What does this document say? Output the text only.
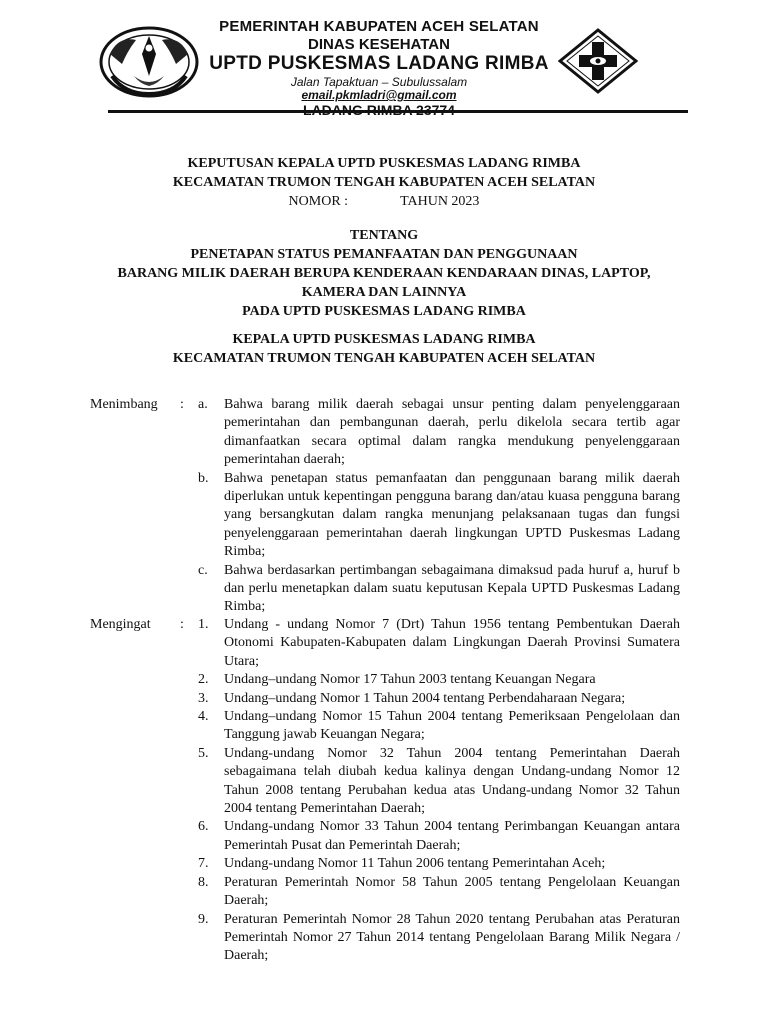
PEMERINTAH KABUPATEN ACEH SELATAN
DINAS KESEHATAN
UPTD PUSKESMAS LADANG RIMBA
Jalan Tapaktuan – Subulussalam
email.pkmladri@gmail.com
KEPUTUSAN KEPALA UPTD PUSKESMAS LADANG RIMBA
KECAMATAN TRUMON TENGAH KABUPATEN ACEH SELATAN
NOMOR :	TAHUN 2023
TENTANG
PENETAPAN STATUS PEMANFAATAN DAN PENGGUNAAN
BARANG MILIK DAERAH BERUPA KENDERAAN KENDARAAN DINAS, LAPTOP,
KAMERA DAN LAINNYA
PADA UPTD PUSKESMAS LADANG RIMBA
KEPALA UPTD PUSKESMAS LADANG RIMBA
KECAMATAN TRUMON TENGAH KABUPATEN ACEH SELATAN
Menimbang : a. Bahwa barang milik daerah sebagai unsur penting dalam penyelenggaraan pemerintahan dan pembangunan daerah, perlu dikelola secara tertib agar dimanfaatkan secara optimal dalam rangka mendukung penyelenggaraan pemerintahan daerah;
b. Bahwa penetapan status pemanfaatan dan penggunaan barang milik daerah diperlukan untuk kepentingan pengguna barang dan/atau kuasa pengguna barang yang bersangkutan dalam rangka menunjang pelaksanaan tugas dan fungsi penyelenggaraan pemerintahan daerah lingkungan UPTD Puskesmas Ladang Rimba;
c. Bahwa berdasarkan pertimbangan sebagaimana dimaksud pada huruf a, huruf b dan perlu menetapkan dalam suatu keputusan Kepala UPTD Puskesmas Ladang Rimba;
Mengingat : 1. Undang - undang Nomor 7 (Drt) Tahun 1956 tentang Pembentukan Daerah Otonomi Kabupaten-Kabupaten dalam Lingkungan Daerah Provinsi Sumatera Utara;
2. Undang–undang Nomor 17 Tahun 2003 tentang Keuangan Negara
3. Undang–undang Nomor 1 Tahun 2004 tentang Perbendaharaan Negara;
4. Undang–undang Nomor 15 Tahun 2004 tentang Pemeriksaan Pengelolaan dan Tanggung jawab Keuangan Negara;
5. Undang-undang Nomor 32 Tahun 2004 tentang Pemerintahan Daerah sebagaimana telah diubah kedua kalinya dengan Undang-undang Nomor 12 Tahun 2008 tentang Perubahan kedua atas Undang-undang Nomor 32 Tahun 2004 tentang Pemerintahan Daerah;
6. Undang-undang Nomor 33 Tahun 2004 tentang Perimbangan Keuangan antara Pemerintah Pusat dan Pemerintah Daerah;
7. Undang-undang Nomor 11 Tahun 2006 tentang Pemerintahan Aceh;
8. Peraturan Pemerintah Nomor 58 Tahun 2005 tentang Pengelolaan Keuangan Daerah;
9. Peraturan Pemerintah Nomor 28 Tahun 2020 tentang Perubahan atas Peraturan Pemerintah Nomor 27 Tahun 2014 tentang Pengelolaan Barang Milik Negara / Daerah;
